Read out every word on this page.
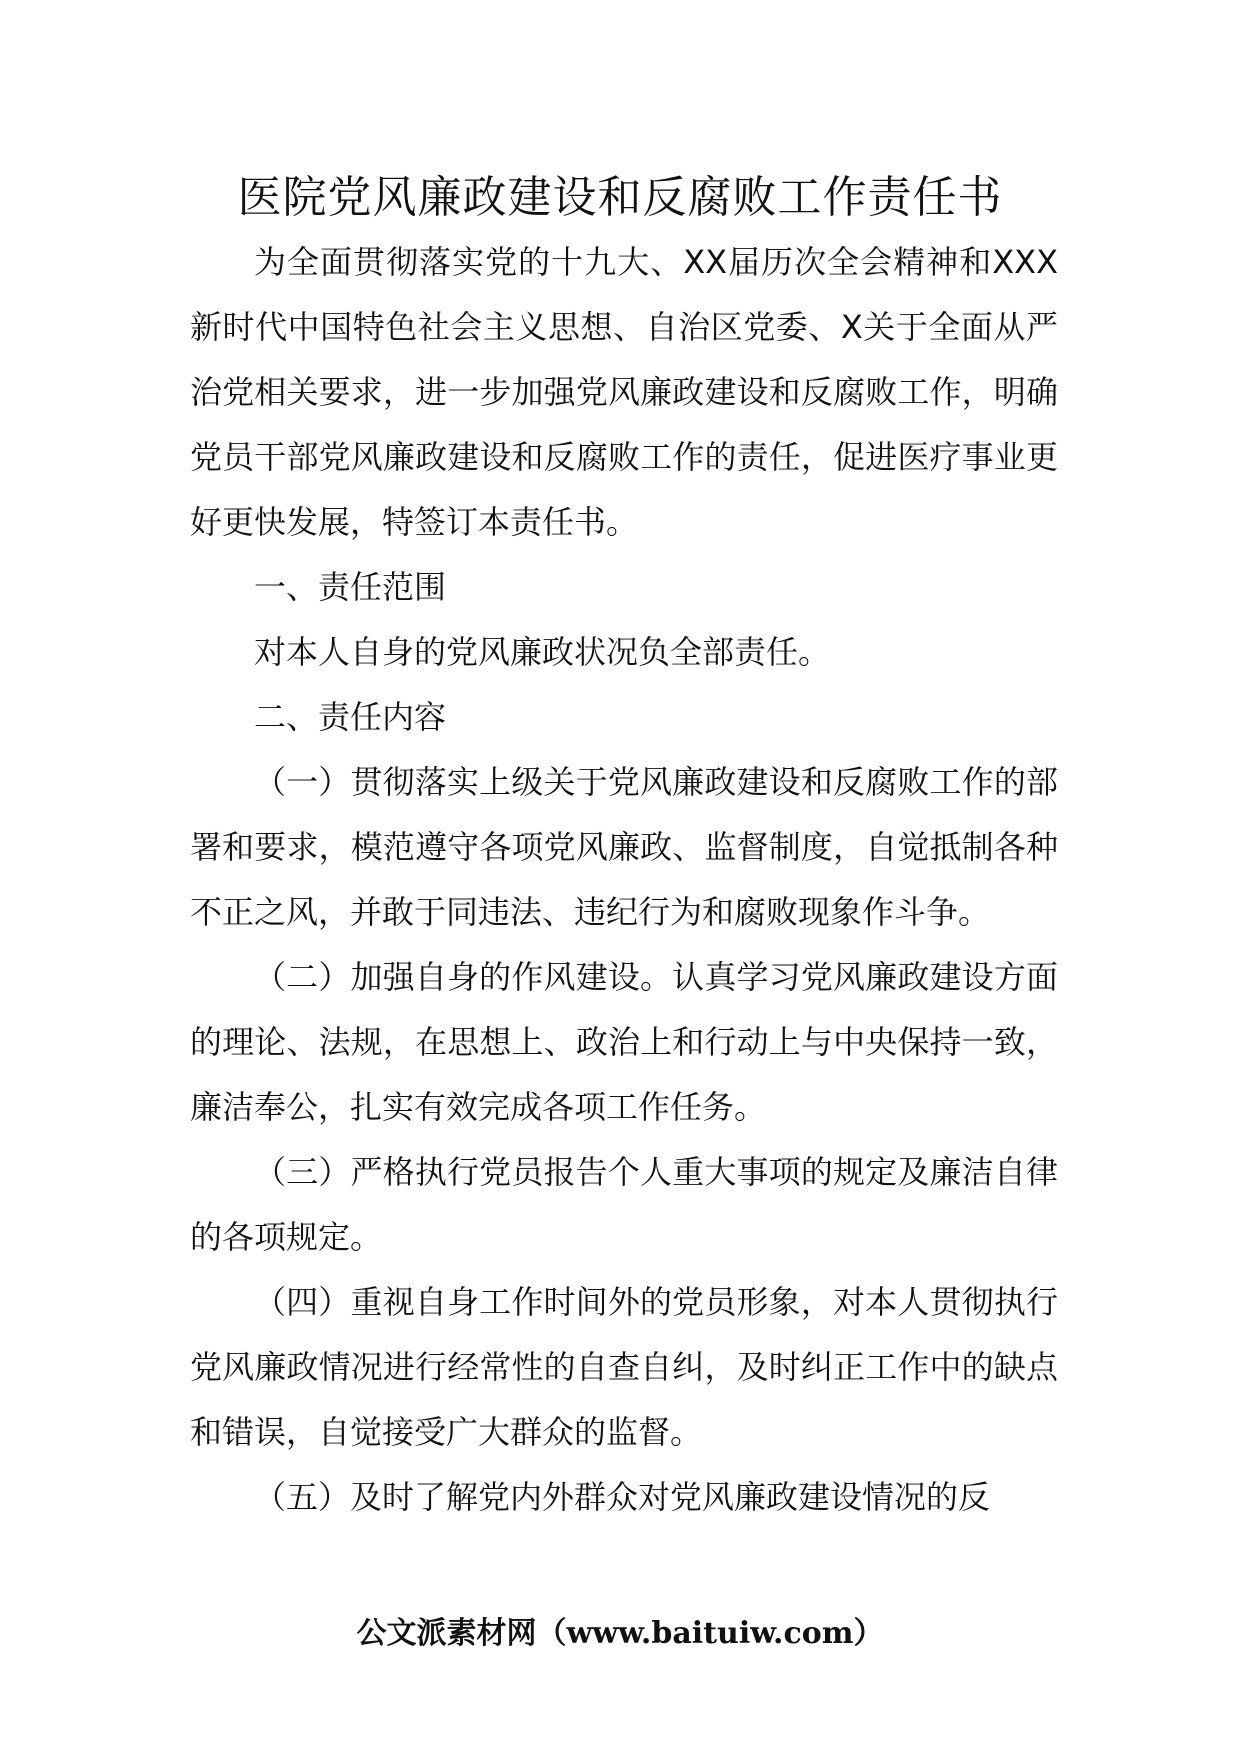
医院党风廉政建设和反腐败工作责任书

为全面贯彻落实党的十九大、XX届历次全会精神和XXX新时代中国特色社会主义思想、自治区党委、X关于全面从严治党相关要求，进一步加强党风廉政建设和反腐败工作，明确党员干部党风廉政建设和反腐败工作的责任，促进医疗事业更好更快发展，特签订本责任书。

一、责任范围

对本人自身的党风廉政状况负全部责任。

二、责任内容

（一）贯彻落实上级关于党风廉政建设和反腐败工作的部署和要求，模范遵守各项党风廉政、监督制度，自觉抵制各种不正之风，并敢于同违法、违纪行为和腐败现象作斗争。

（二）加强自身的作风建设。认真学习党风廉政建设方面的理论、法规，在思想上、政治上和行动上与中央保持一致，廉洁奉公，扎实有效完成各项工作任务。

（三）严格执行党员报告个人重大事项的规定及廉洁自律的各项规定。

（四）重视自身工作时间外的党员形象，对本人贯彻执行党风廉政情况进行经常性的自查自纠，及时纠正工作中的缺点和错误，自觉接受广大群众的监督。

（五）及时了解党内外群众对党风廉政建设情况的反

公文派素材网（www.baituiw.com）
